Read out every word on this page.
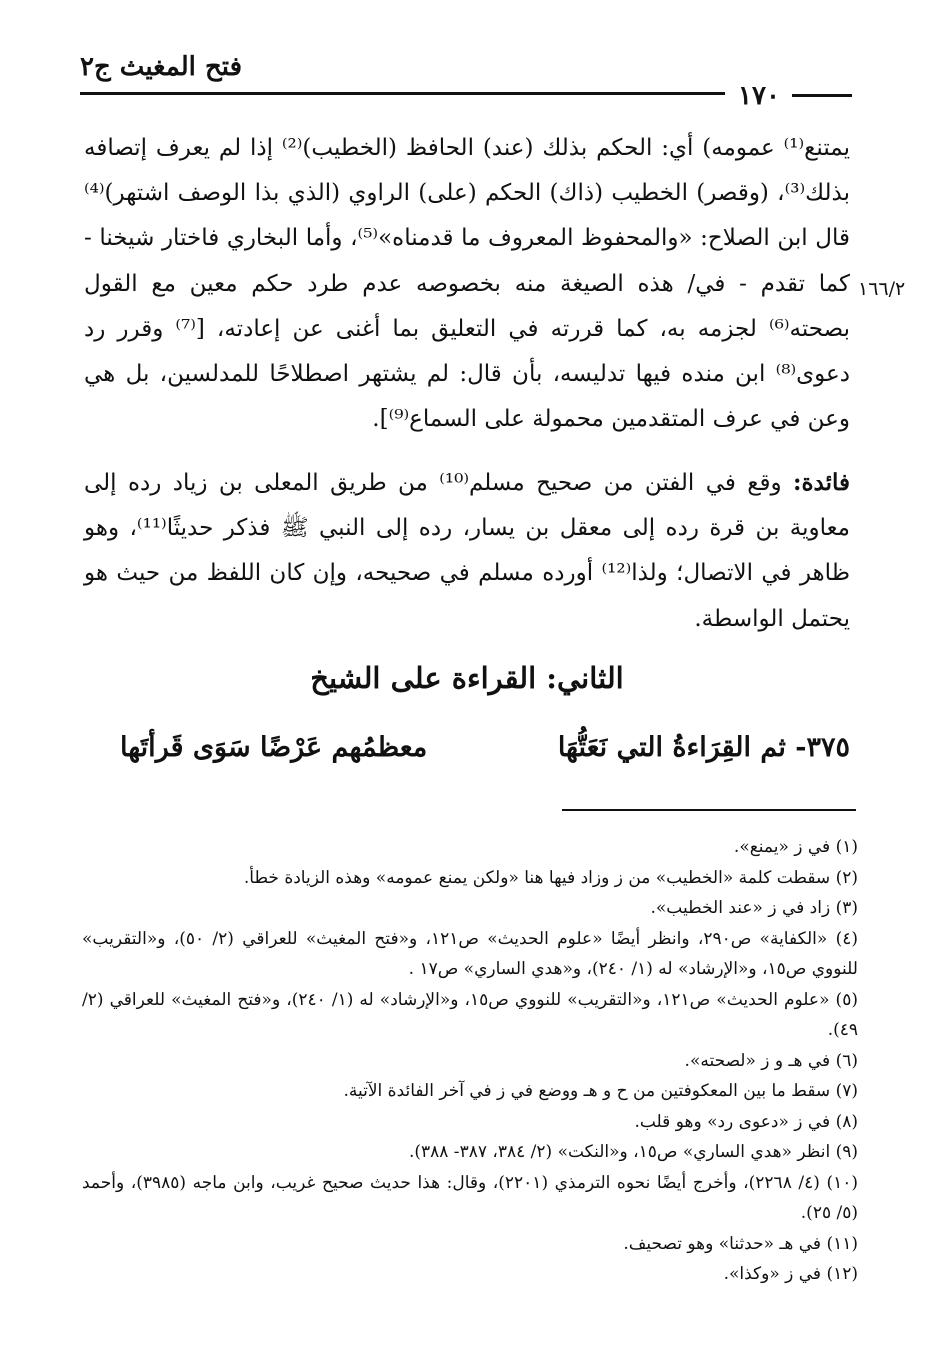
فتح المغيث ج٢
١٧٠
١٦٦/٢
يمتنع⁽¹⁾ عمومه) أي: الحكم بذلك (عند) الحافظ (الخطيب)⁽²⁾ إذا لم يعرف إتصافه بذلك⁽³⁾، (وقصر) الخطيب (ذاك) الحكم (على) الراوي (الذي بذا الوصف اشتهر)⁽⁴⁾ قال ابن الصلاح: «والمحفوظ المعروف ما قدمناه»⁽⁵⁾، وأما البخاري فاختار شيخنا - كما تقدم - في/ هذه الصيغة منه بخصوصه عدم طرد حكم معين مع القول بصحته⁽⁶⁾ لجزمه به، كما قررته في التعليق بما أغنى عن إعادته، [⁽⁷⁾ وقرر رد دعوى⁽⁸⁾ ابن منده فيها تدليسه، بأن قال: لم يشتهر اصطلاحًا للمدلسين، بل هي وعن في عرف المتقدمين محمولة على السماع⁽⁹⁾].
فائدة: وقع في الفتن من صحيح مسلم⁽¹⁰⁾ من طريق المعلى بن زياد رده إلى معاوية بن قرة رده إلى معقل بن يسار، رده إلى النبي ﷺ فذكر حديثًا⁽¹¹⁾، وهو ظاهر في الاتصال؛ ولذا⁽¹²⁾ أورده مسلم في صحيحه، وإن كان اللفظ من حيث هو يحتمل الواسطة.
الثاني: القراءة على الشيخ
٣٧٥- ثم القِرَاءةُ التي نَعَتُّهَا
معظمُهم عَرْضًا سَوَى قَرأتَها
(١) في ز «يمنع».
(٢) سقطت كلمة «الخطيب» من ز وزاد فيها هنا «ولكن يمنع عمومه» وهذه الزيادة خطأ.
(٣) زاد في ز «عند الخطيب».
(٤) «الكفاية» ص٢٩٠، وانظر أيضًا «علوم الحديث» ص١٢١، و«فتح المغيث» للعراقي (٢/ ٥٠)، و«التقريب» للنووي ص١٥، و«الإرشاد» له (١/ ٢٤٠)، و«هدي الساري» ص١٧ .
(٥) «علوم الحديث» ص١٢١، و«التقريب» للنووي ص١٥، و«الإرشاد» له (١/ ٢٤٠)، و«فتح المغيث» للعراقي (٢/ ٤٩).
(٦) في هـ و ز «لصحته».
(٧) سقط ما بين المعكوفتين من ح و هـ ووضع في ز في آخر الفائدة الآتية.
(٨) في ز «دعوى رد» وهو قلب.
(٩) انظر «هدي الساري» ص١٥، و«النكت» (٢/ ٣٨٤، ٣٨٧- ٣٨٨).
(١٠) (٤/ ٢٢٦٨)، وأخرج أيضًا نحوه الترمذي (٢٢٠١)، وقال: هذا حديث صحيح غريب، وابن ماجه (٣٩٨٥)، وأحمد (٥/ ٢٥).
(١١) في هـ «حدثنا» وهو تصحيف.
(١٢) في ز «وكذا».
